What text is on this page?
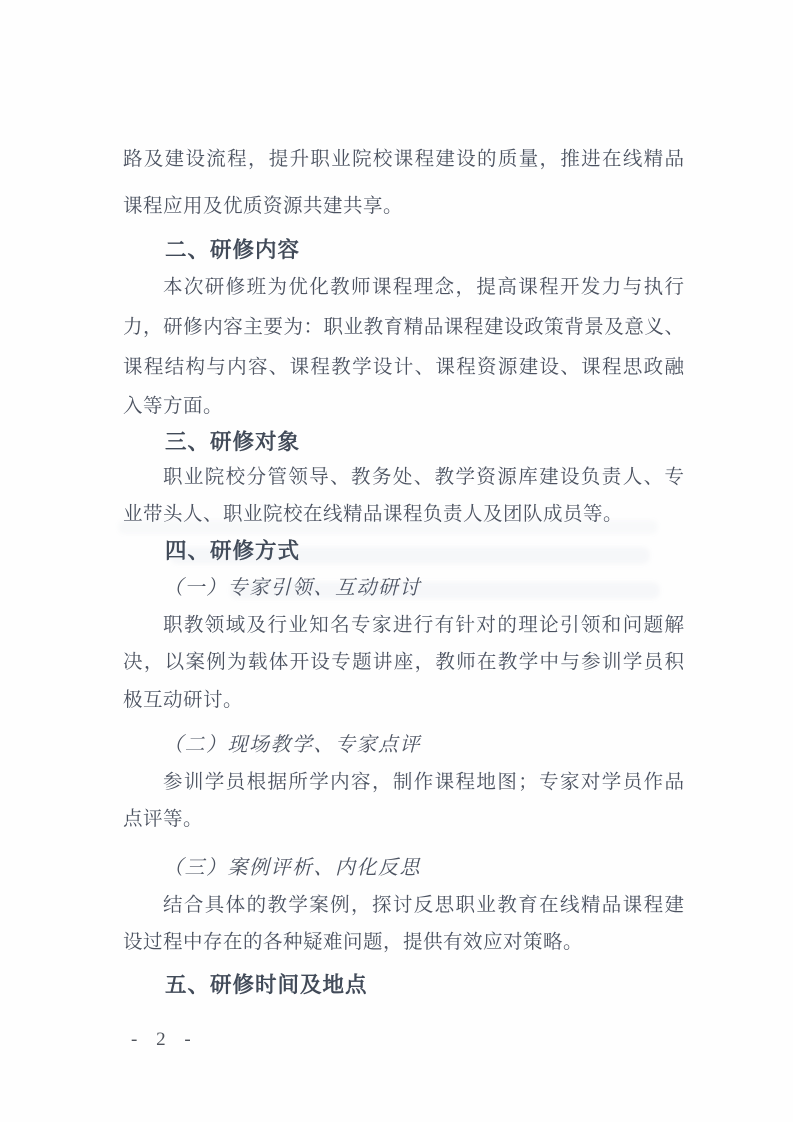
路及建设流程，提升职业院校课程建设的质量，推进在线精品
课程应用及优质资源共建共享。
二、研修内容
本次研修班为优化教师课程理念，提高课程开发力与执行
力，研修内容主要为：职业教育精品课程建设政策背景及意义、
课程结构与内容、课程教学设计、课程资源建设、课程思政融
入等方面。
三、研修对象
职业院校分管领导、教务处、教学资源库建设负责人、专
业带头人、职业院校在线精品课程负责人及团队成员等。
四、研修方式
（一）专家引领、互动研讨
职教领域及行业知名专家进行有针对的理论引领和问题解
决，以案例为载体开设专题讲座，教师在教学中与参训学员积
极互动研讨。
（二）现场教学、专家点评
参训学员根据所学内容，制作课程地图；专家对学员作品
点评等。
（三）案例评析、内化反思
结合具体的教学案例，探讨反思职业教育在线精品课程建
设过程中存在的各种疑难问题，提供有效应对策略。
五、研修时间及地点
- 2 -
